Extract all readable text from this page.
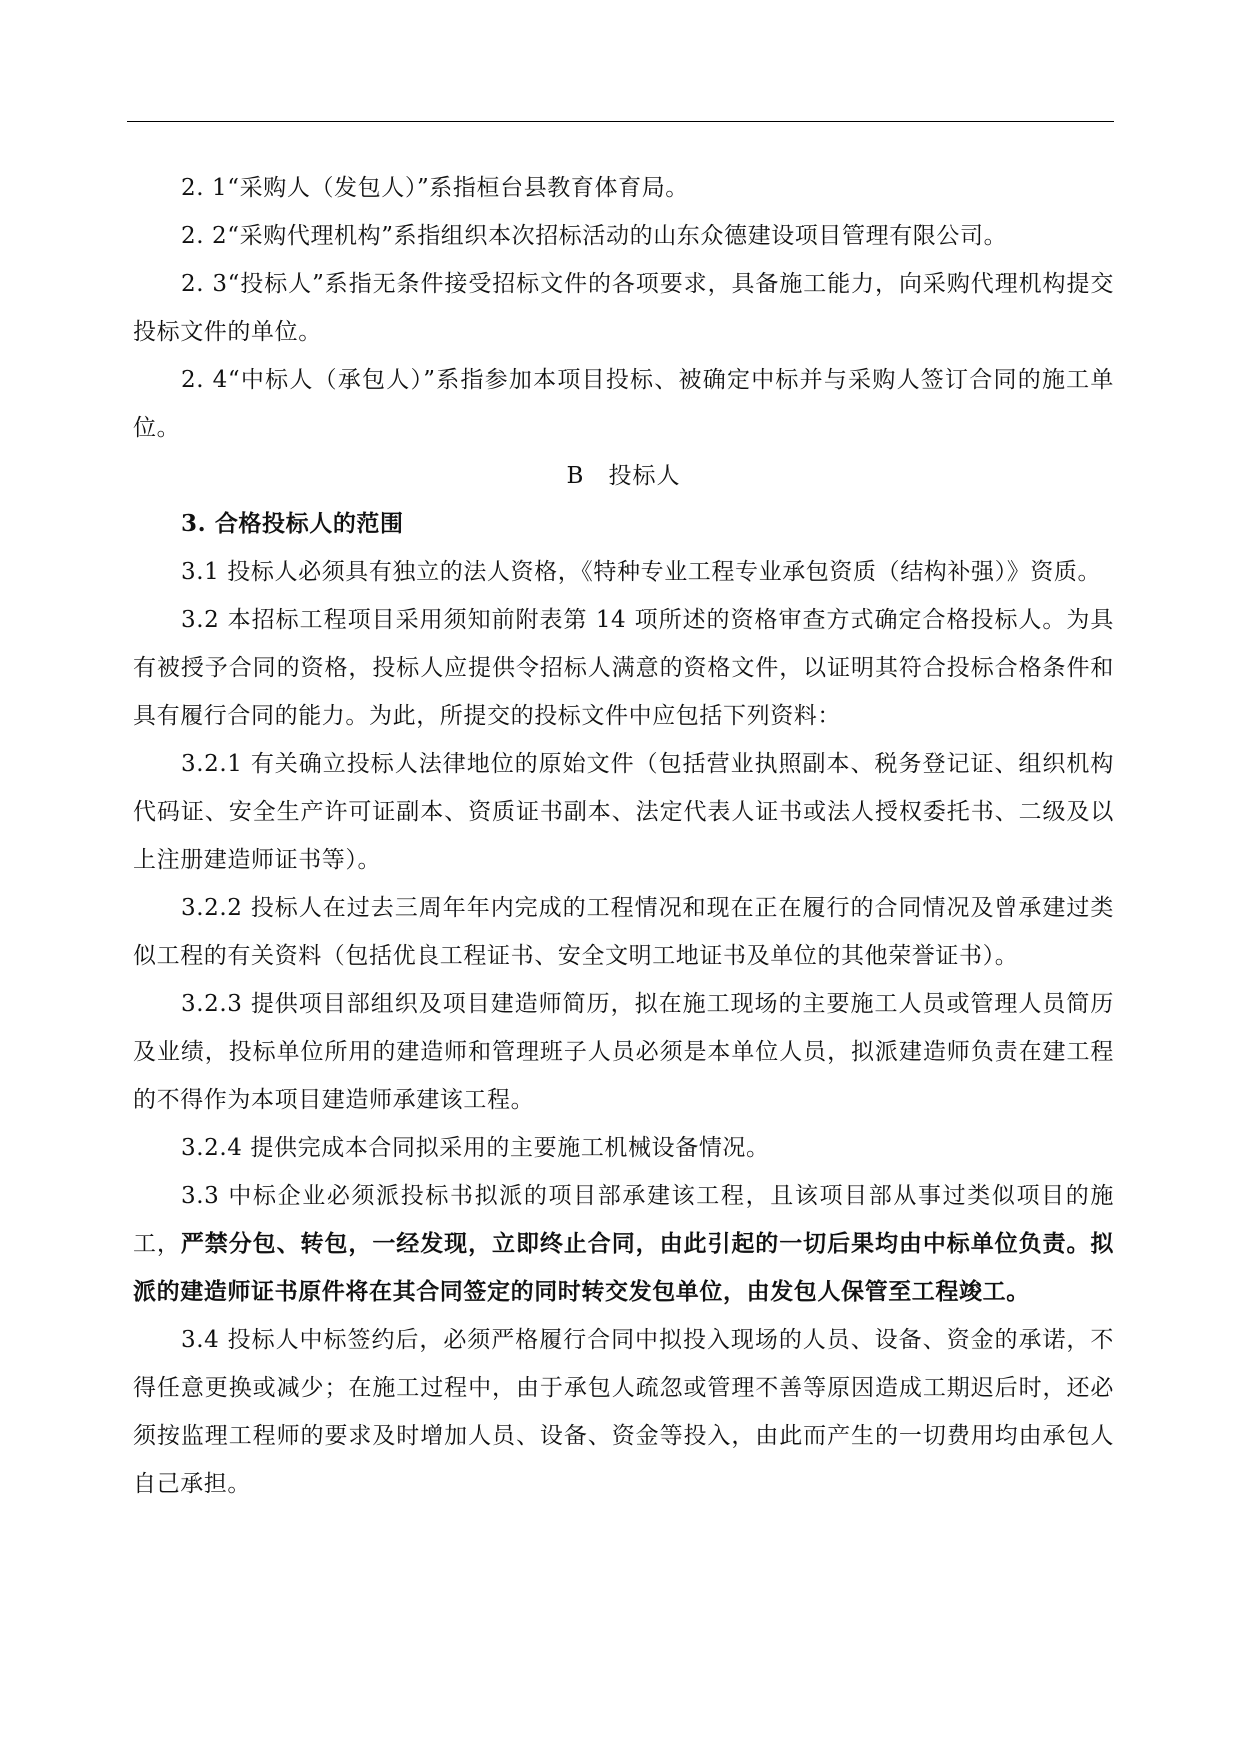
2. 1“采购人（发包人）”系指桓台县教育体育局。

2. 2“采购代理机构”系指组织本次招标活动的山东众德建设项目管理有限公司。

2. 3“投标人”系指无条件接受招标文件的各项要求，具备施工能力，向采购代理机构提交投标文件的单位。

2. 4“中标人（承包人）”系指参加本项目投标、被确定中标并与采购人签订合同的施工单位。

B　投标人

3. 合格投标人的范围

3.1 投标人必须具有独立的法人资格，《特种专业工程专业承包资质（结构补强）》资质。

3.2 本招标工程项目采用须知前附表第 14 项所述的资格审查方式确定合格投标人。为具有被授予合同的资格，投标人应提供令招标人满意的资格文件，以证明其符合投标合格条件和具有履行合同的能力。为此，所提交的投标文件中应包括下列资料：

3.2.1 有关确立投标人法律地位的原始文件（包括营业执照副本、税务登记证、组织机构代码证、安全生产许可证副本、资质证书副本、法定代表人证书或法人授权委托书、二级及以上注册建造师证书等）。

3.2.2 投标人在过去三周年年内完成的工程情况和现在正在履行的合同情况及曾承建过类似工程的有关资料（包括优良工程证书、安全文明工地证书及单位的其他荣誉证书）。

3.2.3 提供项目部组织及项目建造师简历，拟在施工现场的主要施工人员或管理人员简历及业绩，投标单位所用的建造师和管理班子人员必须是本单位人员，拟派建造师负责在建工程的不得作为本项目建造师承建该工程。

3.2.4 提供完成本合同拟采用的主要施工机械设备情况。

3.3 中标企业必须派投标书拟派的项目部承建该工程，且该项目部从事过类似项目的施工，严禁分包、转包，一经发现，立即终止合同，由此引起的一切后果均由中标单位负责。拟派的建造师证书原件将在其合同签定的同时转交发包单位，由发包人保管至工程竣工。

3.4 投标人中标签约后，必须严格履行合同中拟投入现场的人员、设备、资金的承诺，不得任意更换或减少；在施工过程中，由于承包人疏忽或管理不善等原因造成工期迟后时，还必须按监理工程师的要求及时增加人员、设备、资金等投入，由此而产生的一切费用均由承包人自己承担。
